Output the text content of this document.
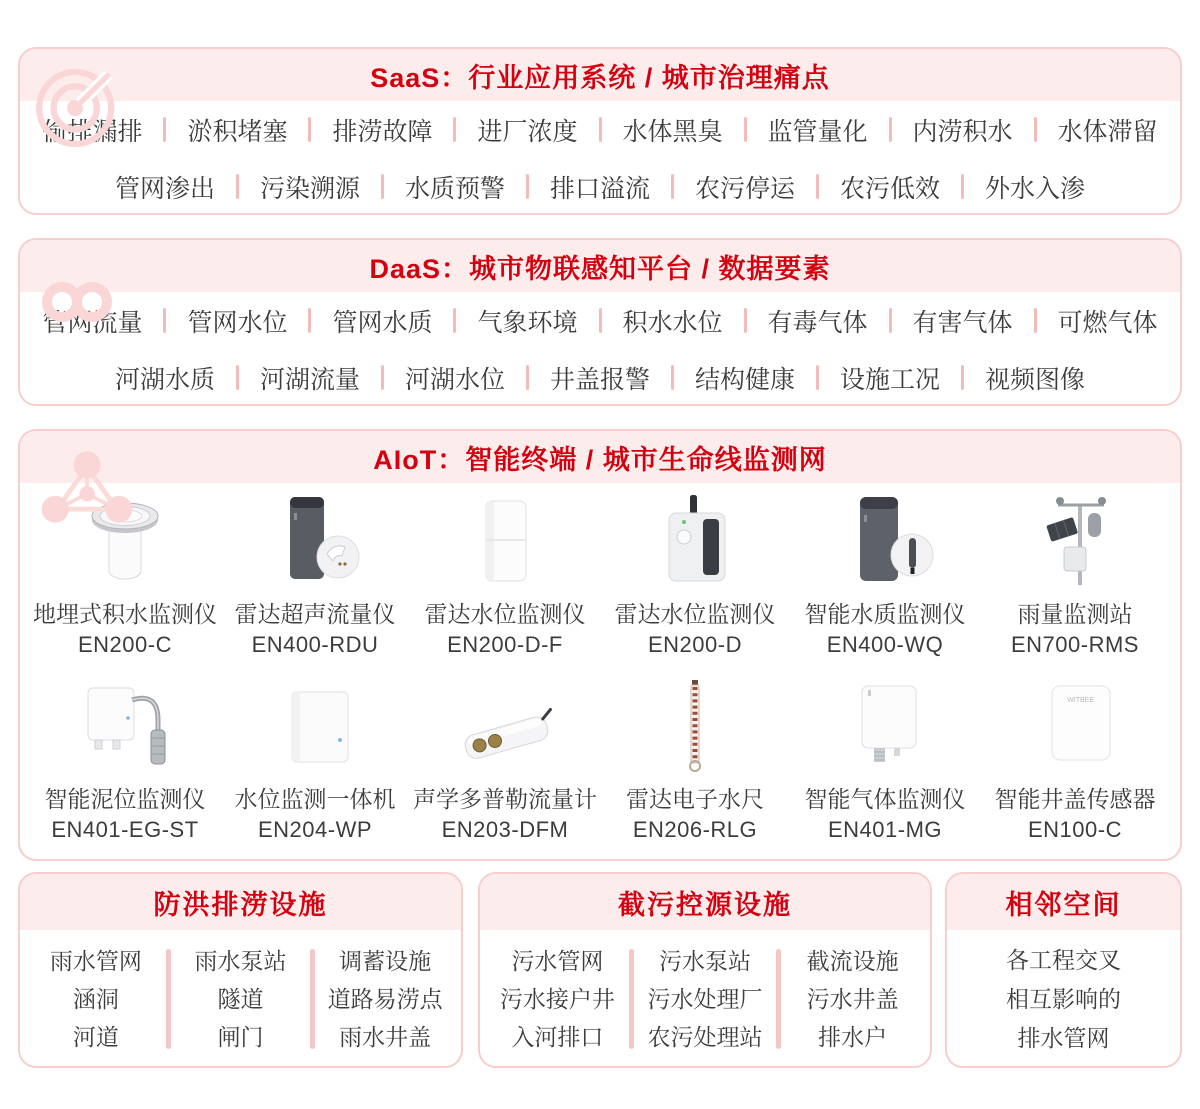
SaaS：行业应用系统 / 城市治理痛点
偷排漏排 淤积堵塞 排涝故障 进厂浓度 水体黑臭 监管量化 内涝积水 水体滞留
管网渗出 污染溯源 水质预警 排口溢流 农污停运 农污低效 外水入渗
DaaS：城市物联感知平台 / 数据要素
管网流量 管网水位 管网水质 气象环境 积水水位 有毒气体 有害气体 可燃气体
河湖水质 河湖流量 河湖水位 井盖报警 结构健康 设施工况 视频图像
AIoT：智能终端 / 城市生命线监测网
地埋式积水监测仪
EN200-C
雷达超声流量仪
EN400-RDU
雷达水位监测仪
EN200-D-F
雷达水位监测仪
EN200-D
智能水质监测仪
EN400-WQ
雨量监测站
EN700-RMS
智能泥位监测仪
EN401-EG-ST
水位监测一体机
EN204-WP
声学多普勒流量计
EN203-DFM
雷达电子水尺
EN206-RLG
智能气体监测仪
EN401-MG
WITBEE
智能井盖传感器
EN100-C
防洪排涝设施
雨水管网
涵洞
河道
雨水泵站
隧道
闸门
调蓄设施
道路易涝点
雨水井盖
截污控源设施
污水管网
污水接户井
入河排口
污水泵站
污水处理厂
农污处理站
截流设施
污水井盖
排水户
相邻空间
各工程交叉
相互影响的
排水管网
